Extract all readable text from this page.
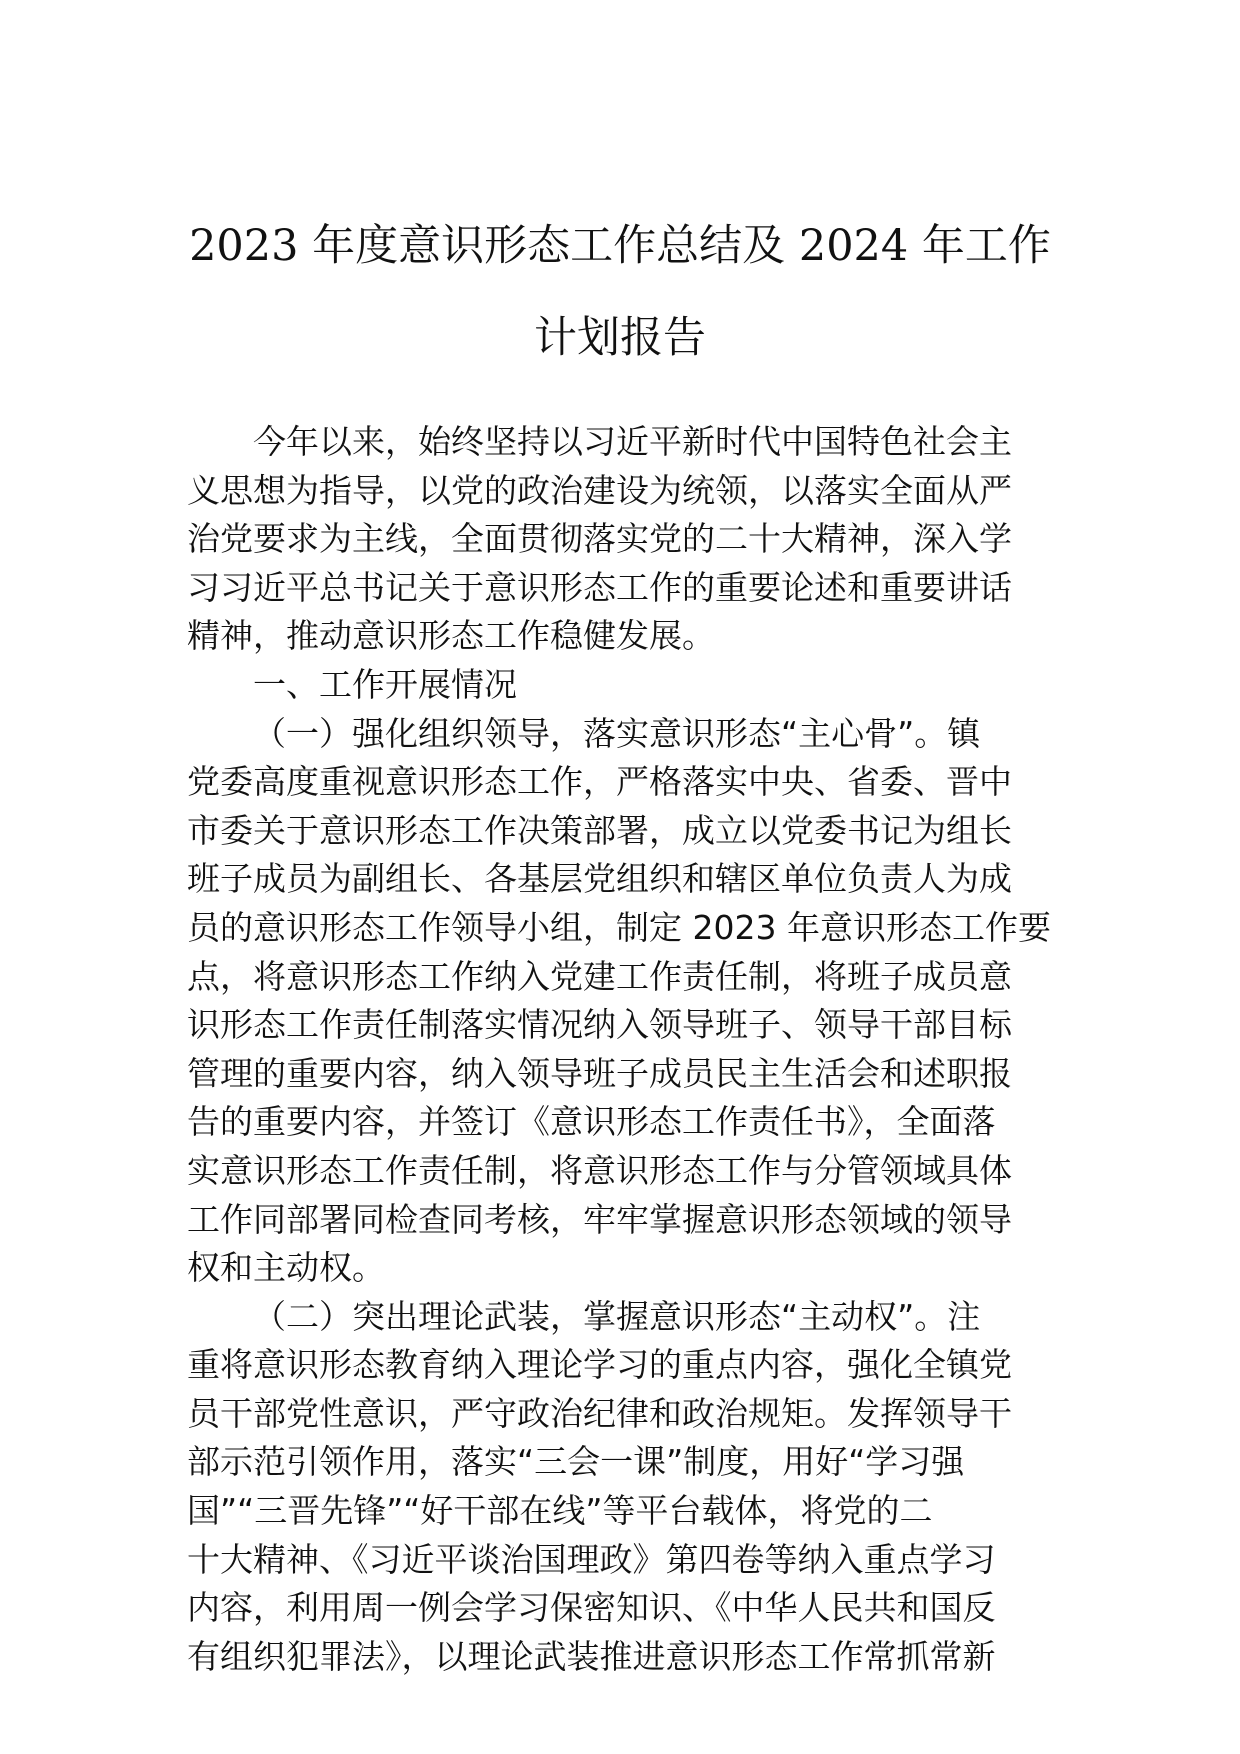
2023 年度意识形态工作总结及 2024 年工作
计划报告
今年以来，始终坚持以习近平新时代中国特色社会主
义思想为指导，以党的政治建设为统领，以落实全面从严
治党要求为主线，全面贯彻落实党的二十大精神，深入学
习习近平总书记关于意识形态工作的重要论述和重要讲话
精神，推动意识形态工作稳健发展。
一、工作开展情况
（一）强化组织领导，落实意识形态“主心骨”。镇
党委高度重视意识形态工作，严格落实中央、省委、晋中
市委关于意识形态工作决策部署，成立以党委书记为组长
班子成员为副组长、各基层党组织和辖区单位负责人为成
员的意识形态工作领导小组，制定 2023 年意识形态工作要
点，将意识形态工作纳入党建工作责任制，将班子成员意
识形态工作责任制落实情况纳入领导班子、领导干部目标
管理的重要内容，纳入领导班子成员民主生活会和述职报
告的重要内容，并签订《意识形态工作责任书》，全面落
实意识形态工作责任制，将意识形态工作与分管领域具体
工作同部署同检查同考核，牢牢掌握意识形态领域的领导
权和主动权。
（二）突出理论武装，掌握意识形态“主动权”。注
重将意识形态教育纳入理论学习的重点内容，强化全镇党
员干部党性意识，严守政治纪律和政治规矩。发挥领导干
部示范引领作用，落实“三会一课”制度，用好“学习强
国”“三晋先锋”“好干部在线”等平台载体，将党的二
十大精神、《习近平谈治国理政》第四卷等纳入重点学习
内容，利用周一例会学习保密知识、《中华人民共和国反
有组织犯罪法》，以理论武装推进意识形态工作常抓常新
